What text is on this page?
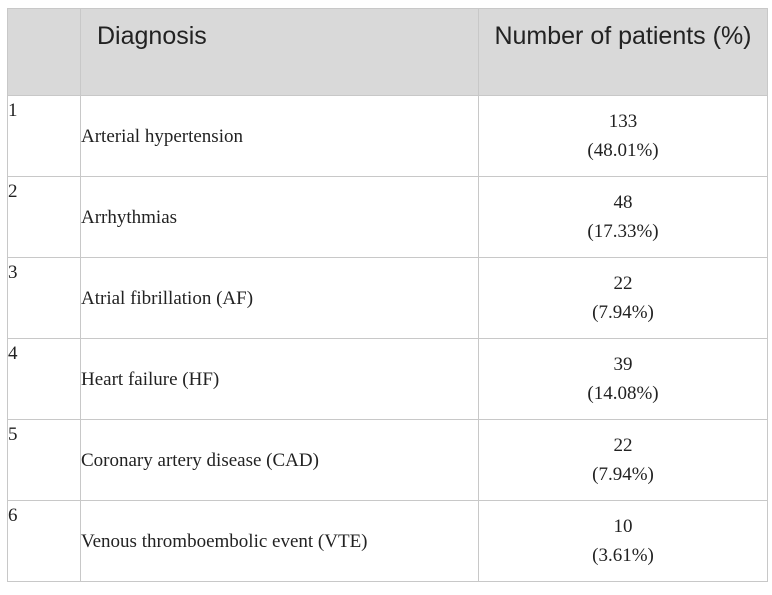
	Diagnosis	Number of patients (%)
1	Arterial hypertension	133
(48.01%)

2	Arrhythmias	48
(17.33%)

3	Atrial fibrillation (AF)	22
(7.94%)

4	Heart failure (HF)	39
(14.08%)

5	Coronary artery disease (CAD)	22
(7.94%)

6	Venous thromboembolic event (VTE)	10
(3.61%)
